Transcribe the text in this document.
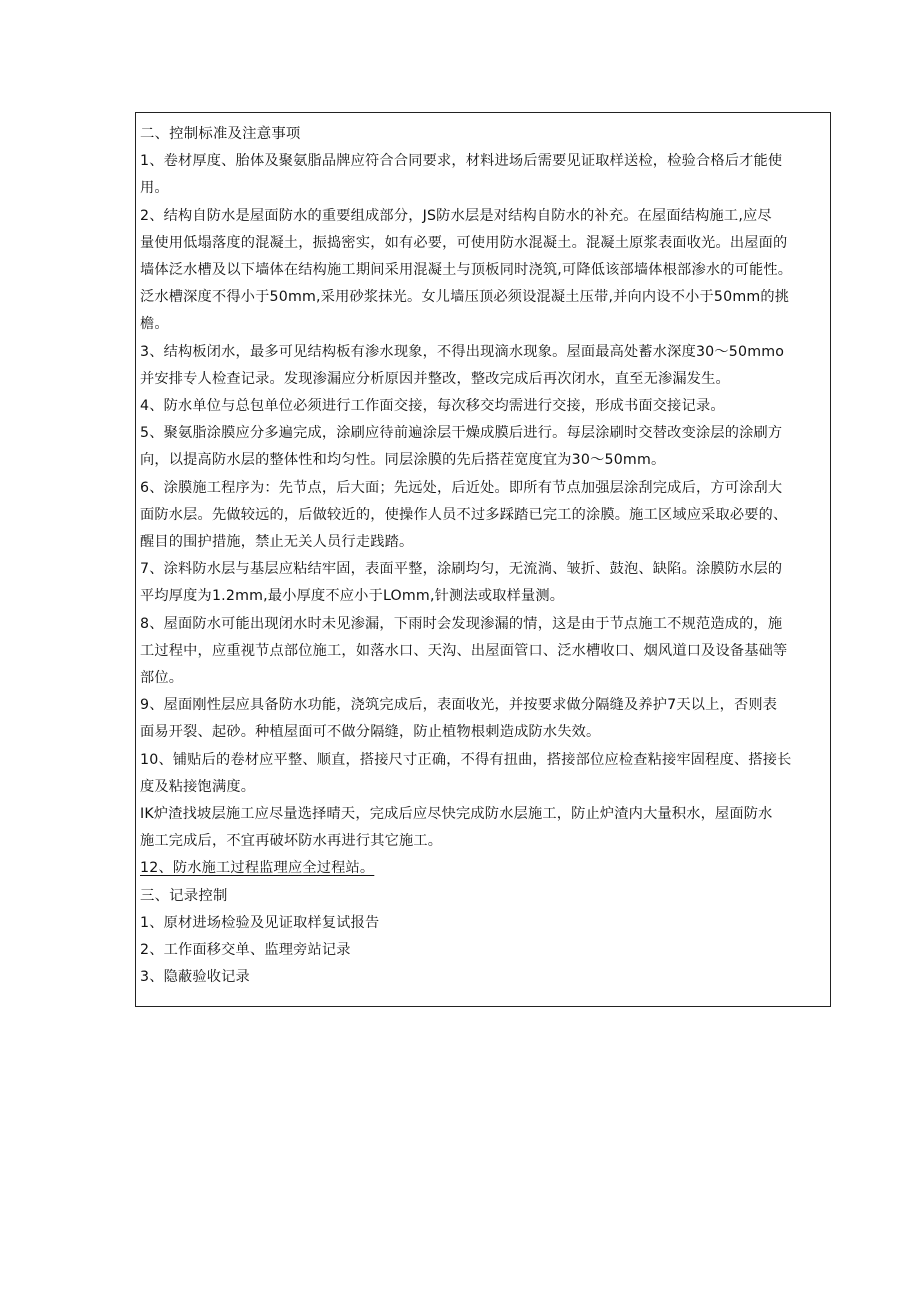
二、控制标准及注意事项

1、卷材厚度、胎体及聚氨脂品牌应符合合同要求，材料进场后需要见证取样送检，检验合格后才能使

用。

2、结构自防水是屋面防水的重要组成部分，JS防水层是对结构自防水的补充。在屋面结构施工,应尽

量使用低塌落度的混凝土，振捣密实，如有必要，可使用防水混凝土。混凝土原浆表面收光。出屋面的

墙体泛水槽及以下墙体在结构施工期间采用混凝土与顶板同时浇筑,可降低该部墙体根部渗水的可能性。

泛水槽深度不得小于50mm,采用砂浆抹光。女儿墙压顶必须设混凝土压带,并向内设不小于50mm的挑

檐。

3、结构板闭水，最多可见结构板有渗水现象，不得出现滴水现象。屋面最高处蓄水深度30～50mmo

并安排专人检查记录。发现渗漏应分析原因并整改，整改完成后再次闭水，直至无渗漏发生。

4、防水单位与总包单位必须进行工作面交接，每次移交均需进行交接，形成书面交接记录。

5、聚氨脂涂膜应分多遍完成，涂刷应待前遍涂层干燥成膜后进行。每层涂刷时交替改变涂层的涂刷方

向，以提高防水层的整体性和均匀性。同层涂膜的先后搭茬宽度宜为30～50mm。

6、涂膜施工程序为：先节点，后大面；先远处，后近处。即所有节点加强层涂刮完成后，方可涂刮大

面防水层。先做较远的，后做较近的，使操作人员不过多踩踏已完工的涂膜。施工区域应采取必要的、

醒目的围护措施，禁止无关人员行走践踏。

7、涂料防水层与基层应粘结牢固，表面平整，涂刷均匀，无流淌、皱折、鼓泡、缺陷。涂膜防水层的

平均厚度为1.2mm,最小厚度不应小于LOmm,针测法或取样量测。

8、屋面防水可能出现闭水时未见渗漏，下雨时会发现渗漏的情，这是由于节点施工不规范造成的，施

工过程中，应重视节点部位施工，如落水口、天沟、出屋面管口、泛水槽收口、烟风道口及设备基础等

部位。

9、屋面刚性层应具备防水功能，浇筑完成后，表面收光，并按要求做分隔缝及养护7天以上，否则表

面易开裂、起砂。种植屋面可不做分隔缝，防止植物根刺造成防水失效。

10、铺贴后的卷材应平整、顺直，搭接尺寸正确，不得有扭曲，搭接部位应检查粘接牢固程度、搭接长

度及粘接饱满度。

IK炉渣找坡层施工应尽量选择晴天，完成后应尽快完成防水层施工，防止炉渣内大量积水，屋面防水

施工完成后，不宜再破坏防水再进行其它施工。

12、防水施工过程监理应全过程站。

三、记录控制

1、原材进场检验及见证取样复试报告

2、工作面移交单、监理旁站记录

3、隐蔽验收记录
